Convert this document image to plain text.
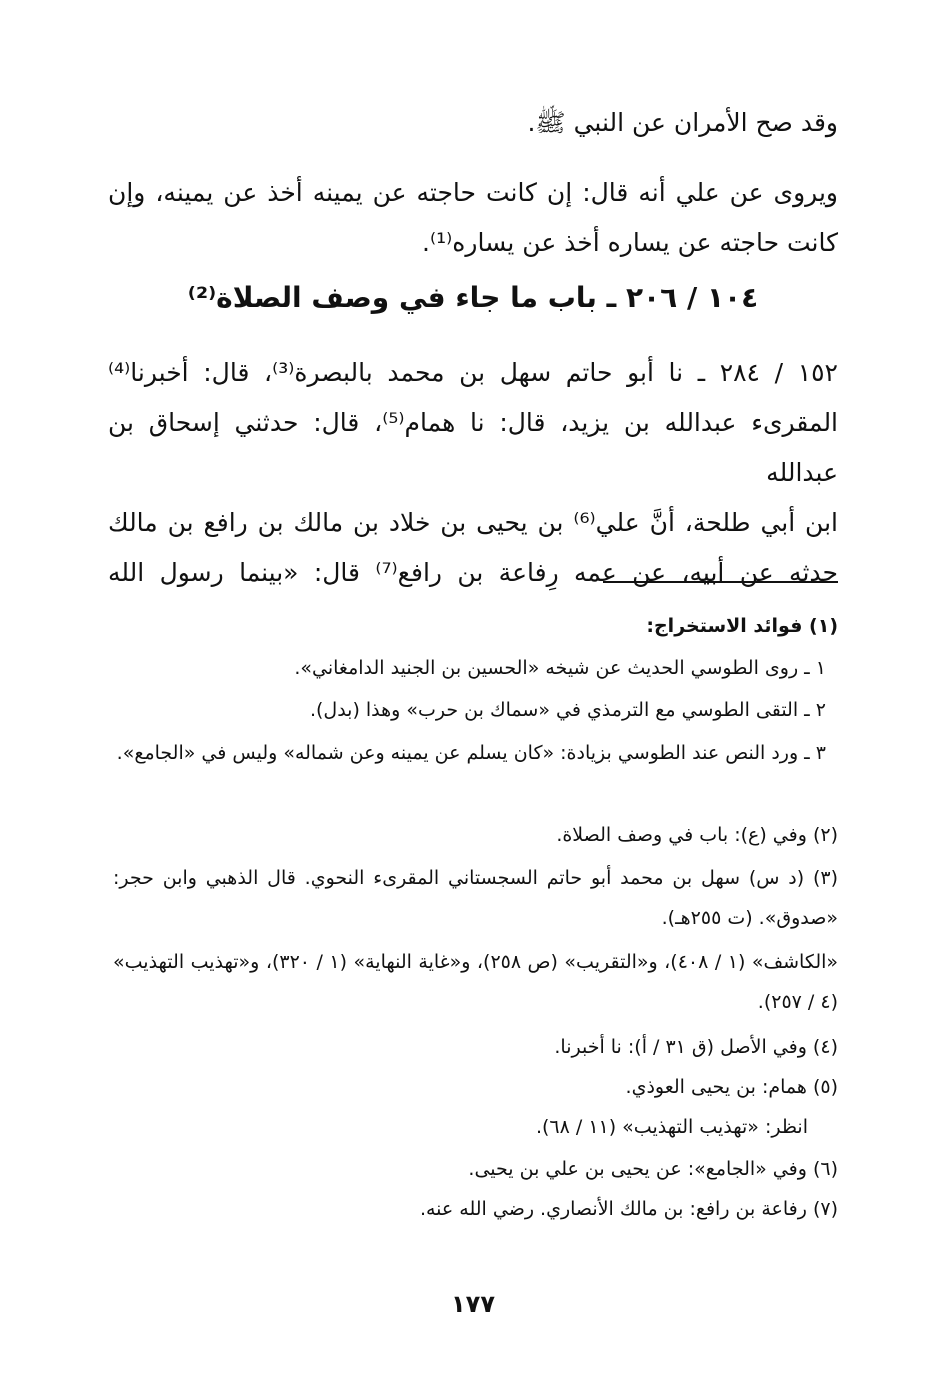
وقد صح الأمران عن النبي ﷺ.
ويروى عن علي أنه قال: إن كانت حاجته عن يمينه أخذ عن يمينه، وإن كانت حاجته عن يساره أخذ عن يساره⁽¹⁾.
١٠٤ / ٢٠٦ ـ باب ما جاء في وصف الصلاة⁽²⁾
١٥٢ / ٢٨٤ ـ نا أبو حاتم سهل بن محمد بالبصرة⁽³⁾، قال: أخبرنا⁽⁴⁾
المقرىء عبدالله بن يزيد، قال: نا همام⁽⁵⁾، قال: حدثني إسحاق بن عبدالله
ابن أبي طلحة، أنَّ علي⁽⁶⁾ بن يحيى بن خلاد بن مالك بن رافع بن مالك
حدثه عن أبيه، عن عمه رِفاعة بن رافع⁽⁷⁾ قال: «بينما رسول الله
(١) فوائد الاستخراج:
١ ـ روى الطوسي الحديث عن شيخه «الحسين بن الجنيد الدامغاني».
٢ ـ التقى الطوسي مع الترمذي في «سماك بن حرب» وهذا (بدل).
٣ ـ ورد النص عند الطوسي بزيادة: «كان يسلم عن يمينه وعن شماله» وليس في «الجامع».
(٢) وفي (ع): باب في وصف الصلاة.
(٣) (د س) سهل بن محمد أبو حاتم السجستاني المقرىء النحوي. قال الذهبي وابن حجر: «صدوق». (ت ٢٥٥هـ).
«الكاشف» (١ / ٤٠٨)، و«التقريب» (ص ٢٥٨)، و«غاية النهاية» (١ / ٣٢٠)، و«تهذيب التهذيب» (٤ / ٢٥٧).
(٤) وفي الأصل (ق ٣١ / أ): نا أخبرنا.
(٥) همام: بن يحيى العوذي.
انظر: «تهذيب التهذيب» (١١ / ٦٨).
(٦) وفي «الجامع»: عن يحيى بن علي بن يحيى.
(٧) رفاعة بن رافع: بن مالك الأنصاري. رضي الله عنه.
١٧٧
